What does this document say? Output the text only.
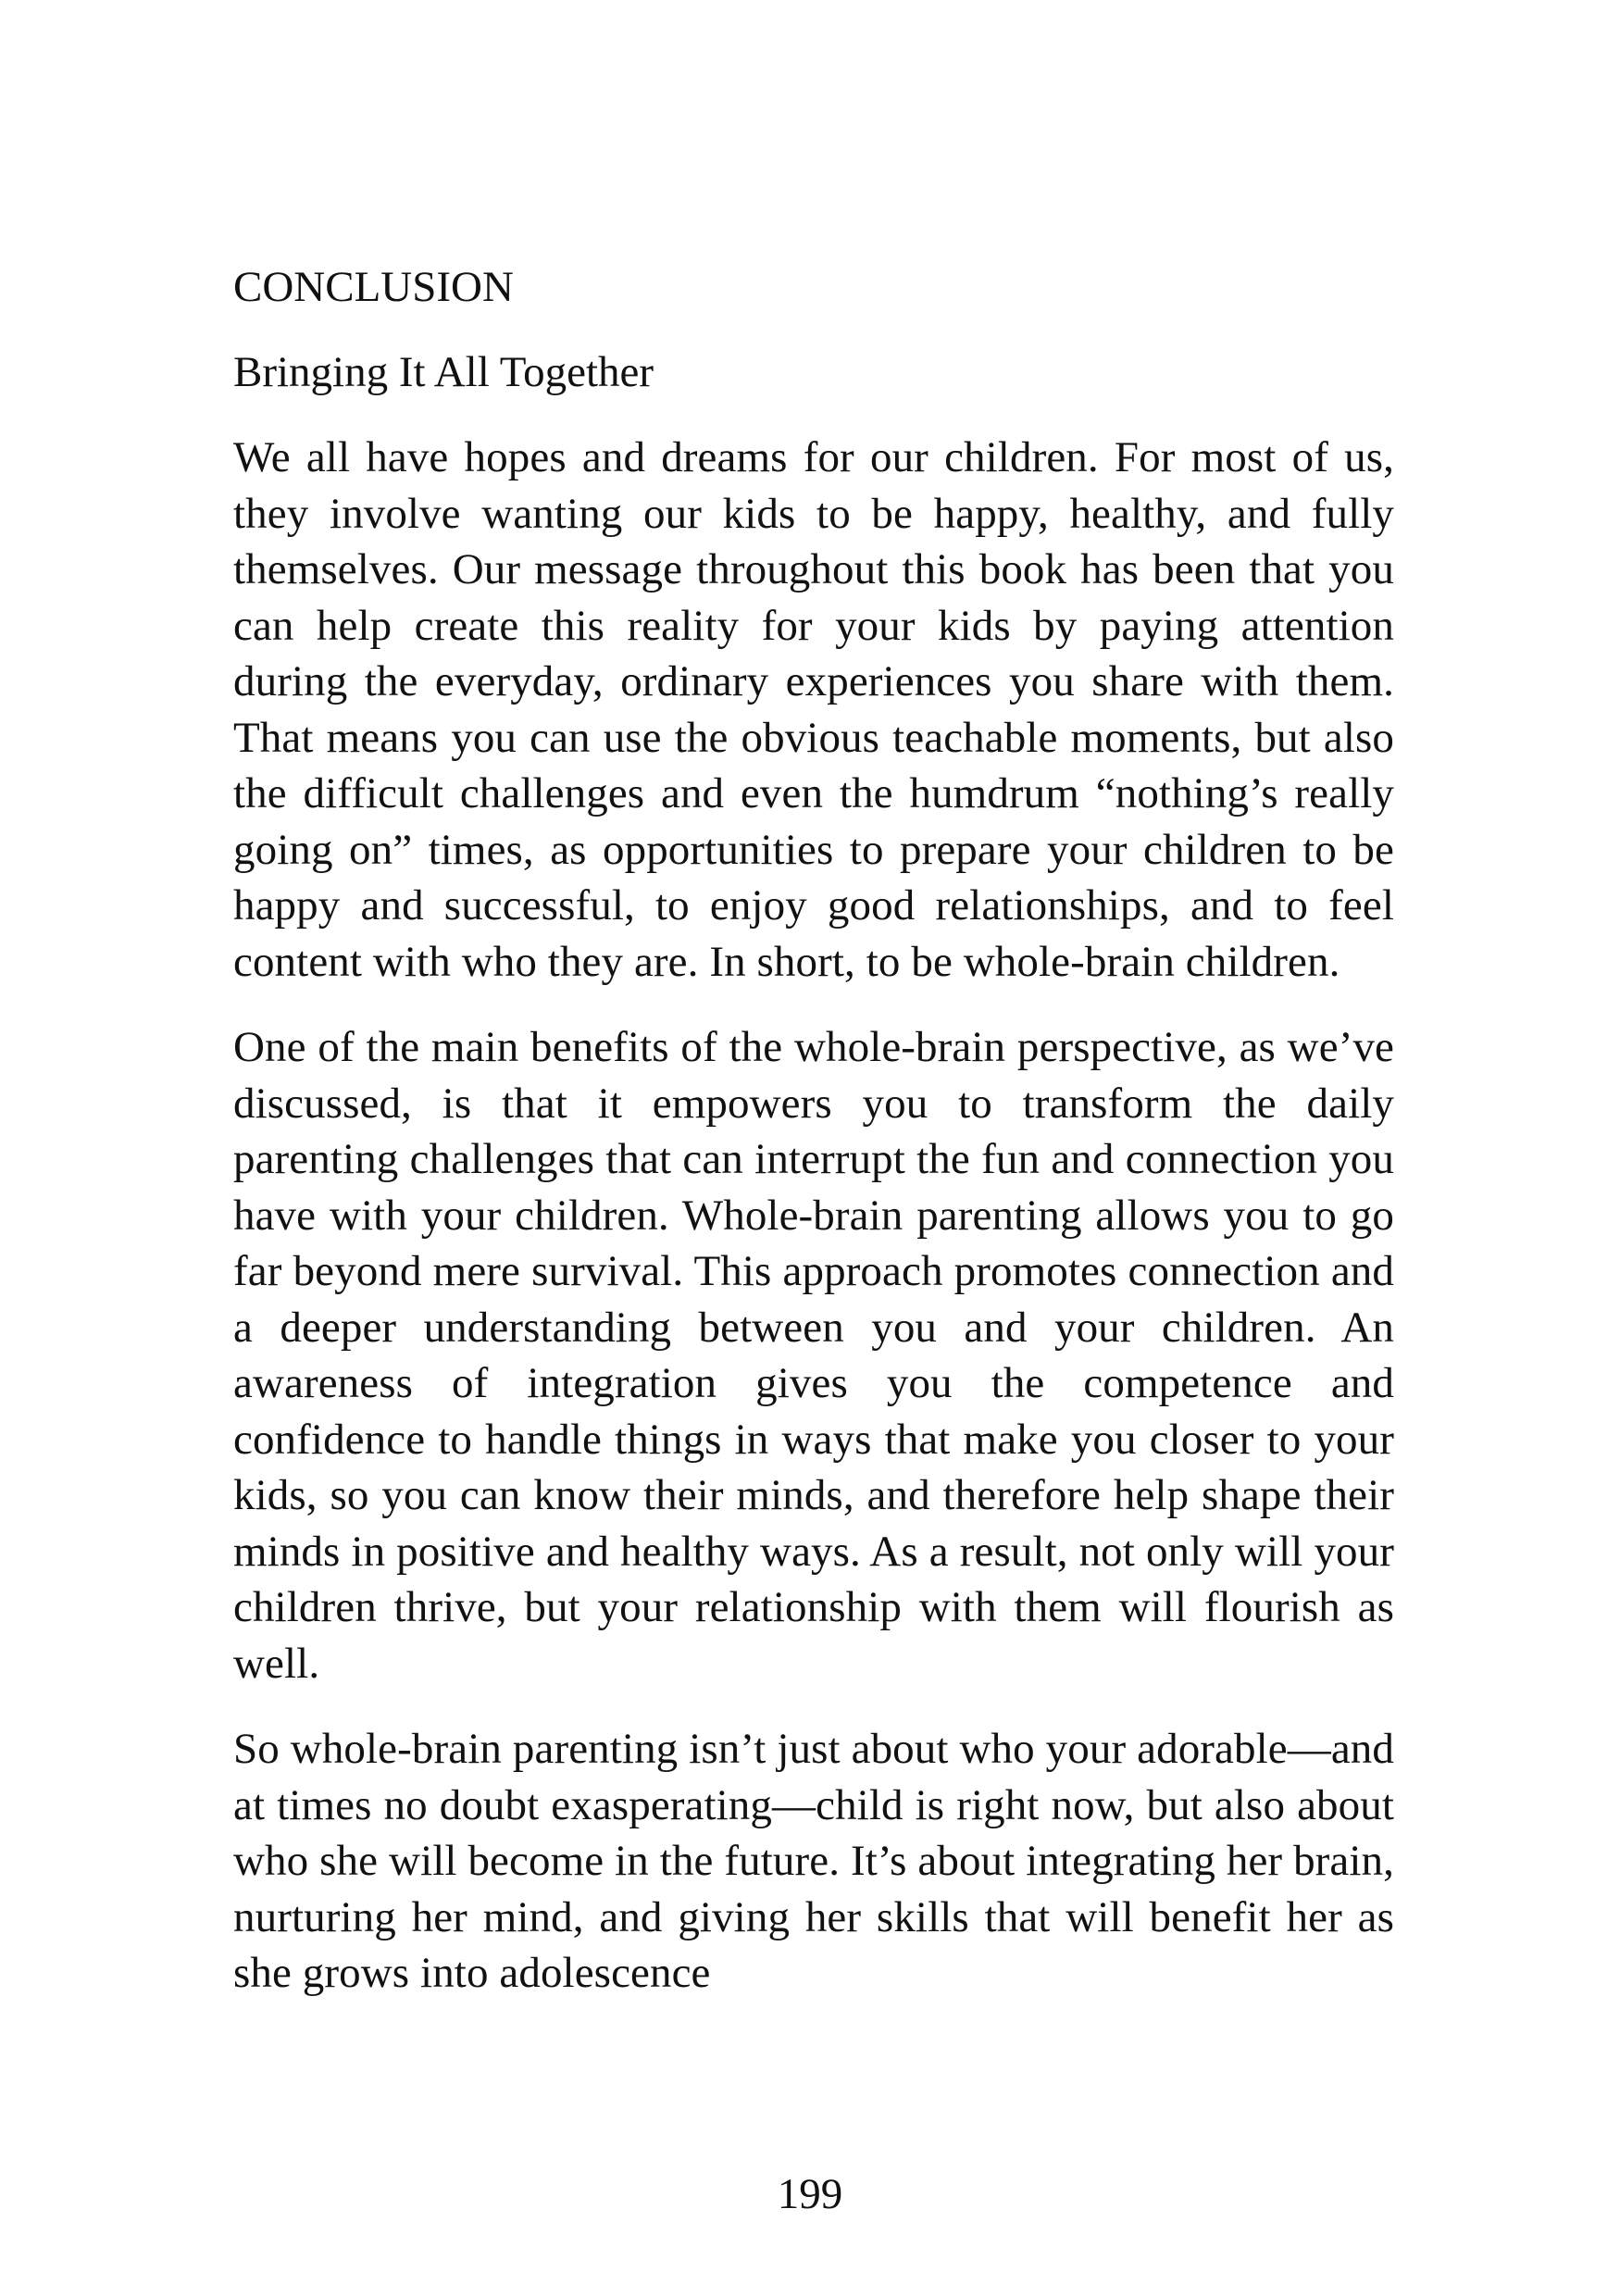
CONCLUSION
Bringing It All Together

We all have hopes and dreams for our children. For most of us, they involve wanting our kids to be happy, healthy, and fully themselves. Our message throughout this book has been that you can help create this reality for your kids by paying attention during the everyday, ordinary experiences you share with them. That means you can use the obvious teachable moments, but also the difficult challenges and even the humdrum “nothing’s really going on” times, as opportunities to prepare your children to be happy and successful, to enjoy good relationships, and to feel content with who they are. In short, to be whole-brain children.

One of the main benefits of the whole-brain perspective, as we’ve discussed, is that it empowers you to transform the daily parenting challenges that can interrupt the fun and connection you have with your children. Whole-brain parenting allows you to go far beyond mere survival. This approach promotes connection and a deeper understanding between you and your children. An awareness of integration gives you the competence and confidence to handle things in ways that make you closer to your kids, so you can know their minds, and therefore help shape their minds in positive and healthy ways. As a result, not only will your children thrive, but your relationship with them will flourish as well.

So whole-brain parenting isn’t just about who your adorable—and at times no doubt exasperating—child is right now, but also about who she will become in the future. It’s about integrating her brain, nurturing her mind, and giving her skills that will benefit her as she grows into adolescence

199
